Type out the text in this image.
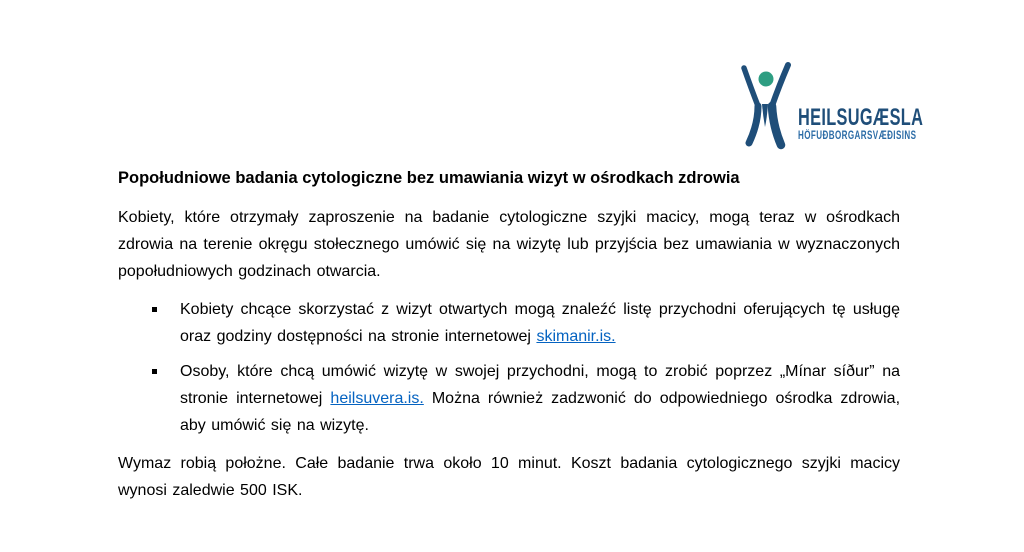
HEILSUGÆSLA
HÖFUÐBORGARSVÆÐISINS
Popołudniowe badania cytologiczne bez umawiania wizyt w ośrodkach zdrowia

Kobiety, które otrzymały zaproszenie na badanie cytologiczne szyjki macicy, mogą teraz w ośrodkach zdrowia na terenie okręgu stołecznego umówić się na wizytę lub przyjścia bez umawiania w wyznaczonych popołudniowych godzinach otwarcia.

Kobiety chcące skorzystać z wizyt otwartych mogą znaleźć listę przychodni oferujących tę usługę oraz godziny dostępności na stronie internetowej skimanir.is.
Osoby, które chcą umówić wizytę w swojej przychodni, mogą to zrobić poprzez „Mínar síður” na stronie internetowej heilsuvera.is. Można również zadzwonić do odpowiedniego ośrodka zdrowia, aby umówić się na wizytę.

Wymaz robią położne. Całe badanie trwa około 10 minut. Koszt badania cytologicznego szyjki macicy wynosi zaledwie 500 ISK.
